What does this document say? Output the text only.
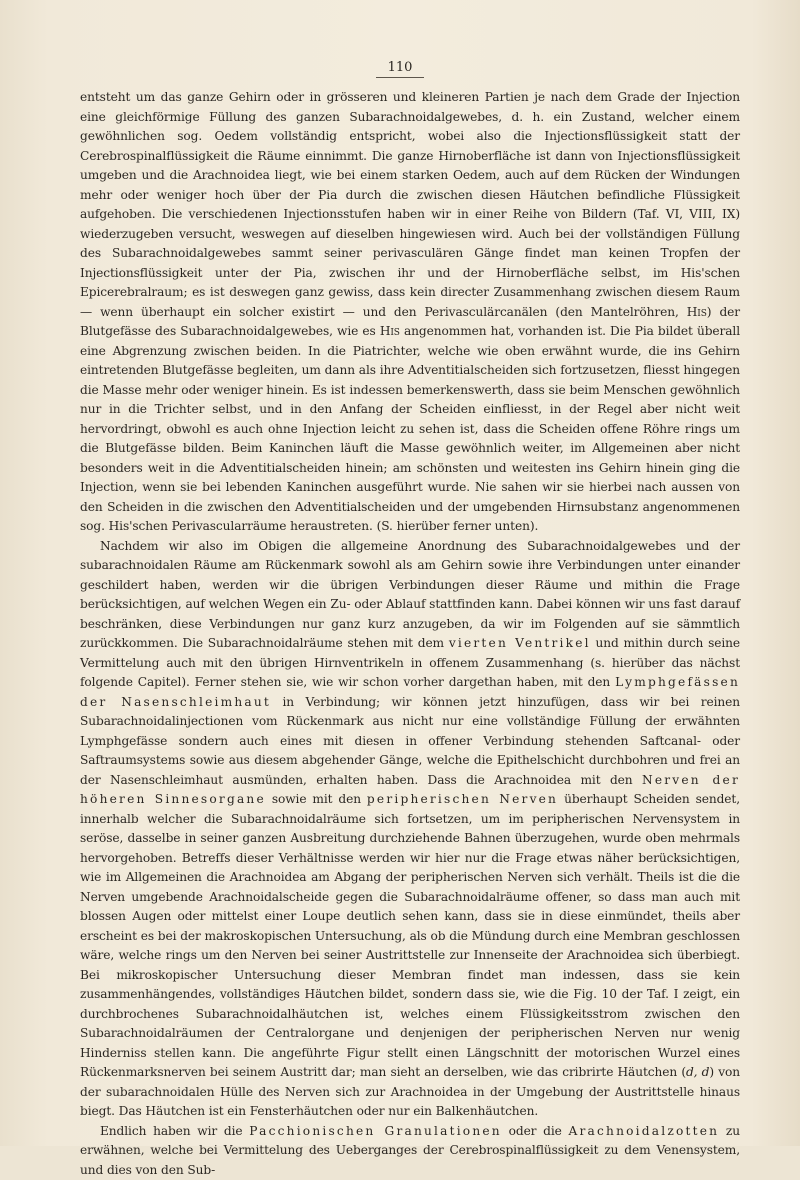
110

entsteht um das ganze Gehirn oder in grösseren und kleineren Partien je nach dem Grade der Injection eine gleichförmige Füllung des ganzen Subarachnoidalgewebes, d. h. ein Zustand, welcher einem gewöhnlichen sog. Oedem vollständig entspricht, wobei also die Injectionsflüssigkeit statt der Cerebrospinalflüssigkeit die Räume einnimmt. Die ganze Hirnoberfläche ist dann von Injectionsflüssigkeit umgeben und die Arachnoidea liegt, wie bei einem starken Oedem, auch auf dem Rücken der Windungen mehr oder weniger hoch über der Pia durch die zwischen diesen Häutchen befindliche Flüssigkeit aufgehoben. Die verschiedenen Injectionsstufen haben wir in einer Reihe von Bildern (Taf. VI, VIII, IX) wiederzugeben versucht, weswegen auf dieselben hingewiesen wird. Auch bei der vollständigen Füllung des Subarachnoidalgewebes sammt seiner perivasculären Gänge findet man keinen Tropfen der Injectionsflüssigkeit unter der Pia, zwischen ihr und der Hirnoberfläche selbst, im His'schen Epicerebralraum; es ist deswegen ganz gewiss, dass kein directer Zusammenhang zwischen diesem Raum — wenn überhaupt ein solcher existirt — und den Perivasculärcanälen (den Mantelröhren, His) der Blutgefässe des Subarachnoidalgewebes, wie es His angenommen hat, vorhanden ist. Die Pia bildet überall eine Abgrenzung zwischen beiden. In die Piatrichter, welche wie oben erwähnt wurde, die ins Gehirn eintretenden Blutgefässe begleiten, um dann als ihre Adventitialscheiden sich fortzusetzen, fliesst hingegen die Masse mehr oder weniger hinein. Es ist indessen bemerkenswerth, dass sie beim Menschen gewöhnlich nur in die Trichter selbst, und in den Anfang der Scheiden einfliesst, in der Regel aber nicht weit hervordringt, obwohl es auch ohne Injection leicht zu sehen ist, dass die Scheiden offene Röhre rings um die Blutgefässe bilden. Beim Kaninchen läuft die Masse gewöhnlich weiter, im Allgemeinen aber nicht besonders weit in die Adventitialscheiden hinein; am schönsten und weitesten ins Gehirn hinein ging die Injection, wenn sie bei lebenden Kaninchen ausgeführt wurde. Nie sahen wir sie hierbei nach aussen von den Scheiden in die zwischen den Adventitialscheiden und der umgebenden Hirnsubstanz angenommenen sog. His'schen Perivascularräume heraustreten. (S. hierüber ferner unten).

Nachdem wir also im Obigen die allgemeine Anordnung des Subarachnoidalgewebes und der subarachnoidalen Räume am Rückenmark sowohl als am Gehirn sowie ihre Verbindungen unter einander geschildert haben, werden wir die übrigen Verbindungen dieser Räume und mithin die Frage berücksichtigen, auf welchen Wegen ein Zu- oder Ablauf stattfinden kann. Dabei können wir uns fast darauf beschränken, diese Verbindungen nur ganz kurz anzugeben, da wir im Folgenden auf sie sämmtlich zurückkommen. Die Subarachnoidalräume stehen mit dem vierten Ventrikel und mithin durch seine Vermittelung auch mit den übrigen Hirnventrikeln in offenem Zusammenhang (s. hierüber das nächst folgende Capitel). Ferner stehen sie, wie wir schon vorher dargethan haben, mit den Lymphgefässen der Nasenschleimhaut in Verbindung; wir können jetzt hinzufügen, dass wir bei reinen Subarachnoidalinjectionen vom Rückenmark aus nicht nur eine vollständige Füllung der erwähnten Lymphgefässe sondern auch eines mit diesen in offener Verbindung stehenden Saftcanal- oder Saftraumsystems sowie aus diesem abgehender Gänge, welche die Epithelschicht durchbohren und frei an der Nasenschleimhaut ausmünden, erhalten haben. Dass die Arachnoidea mit den Nerven der höheren Sinnesorgane sowie mit den peripherischen Nerven überhaupt Scheiden sendet, innerhalb welcher die Subarachnoidalräume sich fortsetzen, um im peripherischen Nervensystem in seröse, dasselbe in seiner ganzen Ausbreitung durchziehende Bahnen überzugehen, wurde oben mehrmals hervorgehoben. Betreffs dieser Verhältnisse werden wir hier nur die Frage etwas näher berücksichtigen, wie im Allgemeinen die Arachnoidea am Abgang der peripherischen Nerven sich verhält. Theils ist die die Nerven umgebende Arachnoidalscheide gegen die Subarachnoidalräume offener, so dass man auch mit blossen Augen oder mittelst einer Loupe deutlich sehen kann, dass sie in diese einmündet, theils aber erscheint es bei der makroskopischen Untersuchung, als ob die Mündung durch eine Membran geschlossen wäre, welche rings um den Nerven bei seiner Austrittstelle zur Innenseite der Arachnoidea sich überbiegt. Bei mikroskopischer Untersuchung dieser Membran findet man indessen, dass sie kein zusammenhängendes, vollständiges Häutchen bildet, sondern dass sie, wie die Fig. 10 der Taf. I zeigt, ein durchbrochenes Subarachnoidalhäutchen ist, welches einem Flüssigkeitsstrom zwischen den Subarachnoidalräumen der Centralorgane und denjenigen der peripherischen Nerven nur wenig Hinderniss stellen kann. Die angeführte Figur stellt einen Längschnitt der motorischen Wurzel eines Rückenmarksnerven bei seinem Austritt dar; man sieht an derselben, wie das cribrirte Häutchen (d, d) von der subarachnoidalen Hülle des Nerven sich zur Arachnoidea in der Umgebung der Austrittstelle hinaus biegt. Das Häutchen ist ein Fensterhäutchen oder nur ein Balkenhäutchen.

Endlich haben wir die Pacchionischen Granulationen oder die Arachnoidalzotten zu erwähnen, welche bei Vermittelung des Ueberganges der Cerebrospinalflüssigkeit zu dem Venensystem, und dies von den Sub-
